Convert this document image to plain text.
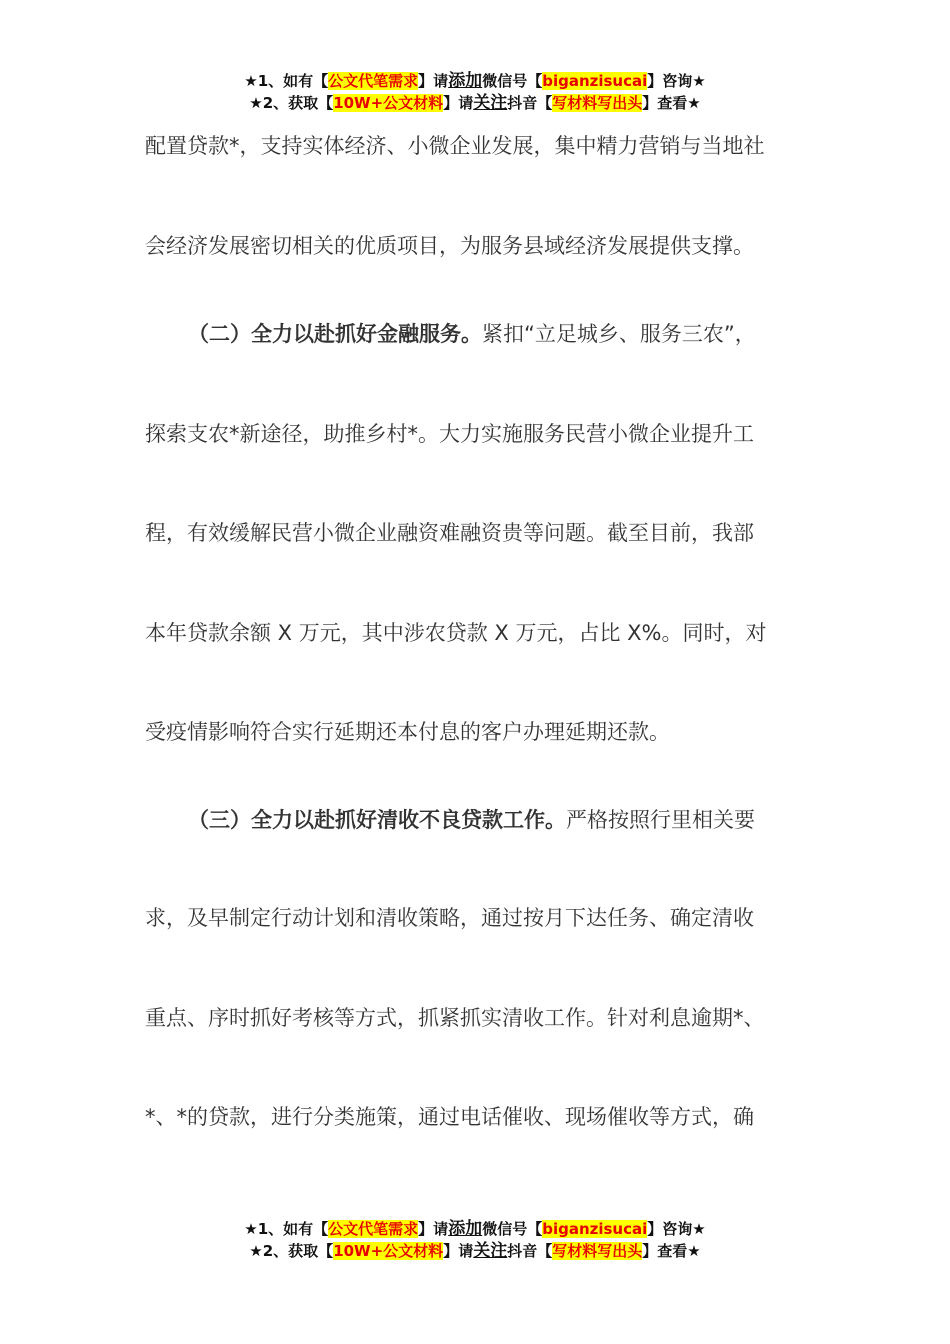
★1、如有【公文代笔需求】请添加微信号【biganzisucai】咨询★
★2、获取【10W+公文材料】请关注抖音【写材料写出头】查看★
配置贷款*，支持实体经济、小微企业发展，集中精力营销与当地社
会经济发展密切相关的优质项目，为服务县域经济发展提供支撑。
（二）全力以赴抓好金融服务。紧扣“立足城乡、服务三农”，
探索支农*新途径，助推乡村*。大力实施服务民营小微企业提升工
程，有效缓解民营小微企业融资难融资贵等问题。截至目前，我部
本年贷款余额 X 万元，其中涉农贷款 X 万元，占比 X%。同时，对
受疫情影响符合实行延期还本付息的客户办理延期还款。
（三）全力以赴抓好清收不良贷款工作。严格按照行里相关要
求，及早制定行动计划和清收策略，通过按月下达任务、确定清收
重点、序时抓好考核等方式，抓紧抓实清收工作。针对利息逾期*、
*、*的贷款，进行分类施策，通过电话催收、现场催收等方式，确
★1、如有【公文代笔需求】请添加微信号【biganzisucai】咨询★
★2、获取【10W+公文材料】请关注抖音【写材料写出头】查看★
